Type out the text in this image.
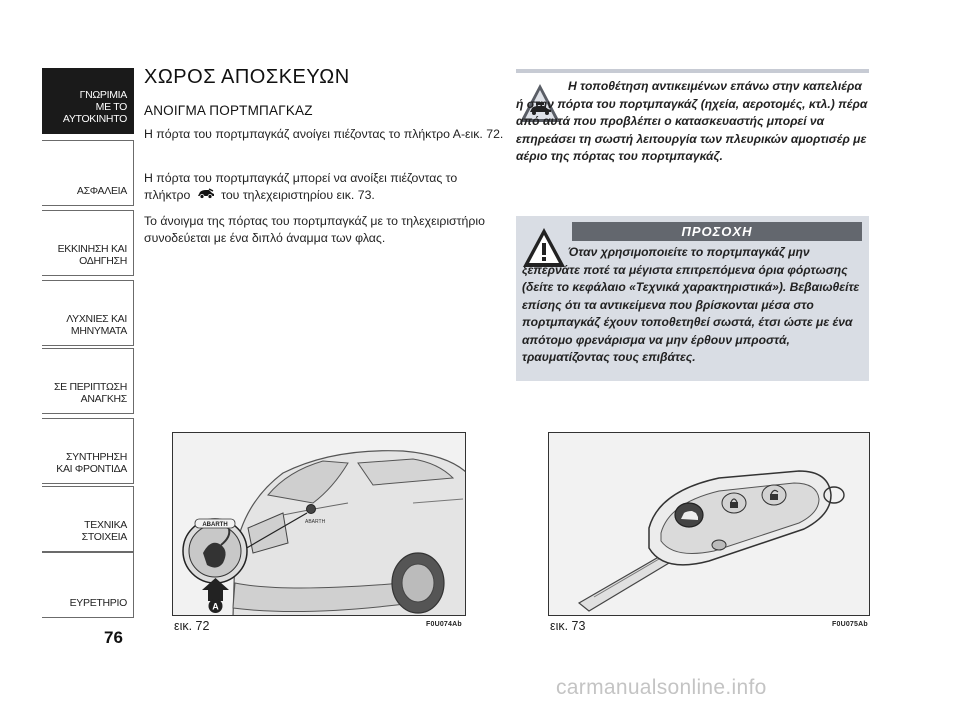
ΓΝΩΡΙΜΙΑ
ΜΕ ΤΟ
ΑΥΤΟΚΙΝΗΤΟ
ΑΣΦΑΛΕΙΑ
ΕΚΚΙΝΗΣΗ ΚΑΙ
ΟΔΗΓΗΣΗ
ΛΥΧΝΙΕΣ ΚΑΙ
ΜΗΝΥΜΑΤΑ
ΣΕ ΠΕΡΙΠΤΩΣΗ
ΑΝΑΓΚΗΣ
ΣΥΝΤΗΡΗΣΗ
ΚΑΙ ΦΡΟΝΤΙΔΑ
ΤΕΧΝΙΚΑ
ΣΤΟΙΧΕΙΑ
ΕΥΡΕΤΗΡΙΟ
76
ΧΩΡΟΣ ΑΠΟΣΚΕΥΩΝ
ΑΝΟΙΓΜΑ ΠΟΡΤΜΠΑΓΚΑΖ
Η πόρτα του πορτμπαγκάζ ανοίγει πιέζοντας το πλήκτρο Α-εικ. 72.
Η πόρτα του πορτμπαγκάζ μπορεί να ανοίξει πιέζοντας το πλήκτρο	του τηλεχειριστηρίου εικ. 73.
Το άνοιγμα της πόρτας του πορτμπαγκάζ με το τηλεχειριστήριο συνοδεύεται με ένα διπλό άναμμα των φλας.
Η τοποθέτηση αντικειμένων επάνω στην καπελιέρα ή στην πόρτα του πορτμπαγκάζ (ηχεία, αεροτομές, κτλ.) πέρα από αυτά που προβλέπει ο κατασκευαστής μπορεί να επηρεάσει τη σωστή λειτουργία των πλευρικών αμορτισέρ με αέριο της πόρτας του πορτμπαγκάζ.
ΠΡΟΣΟΧΗ
Όταν χρησιμοποιείτε το πορτμπαγκάζ μην ξεπερνάτε ποτέ τα μέγιστα επιτρεπόμενα όρια φόρτωσης (δείτε το κεφάλαιο «Τεχνικά χαρακτηριστικά»). Βεβαιωθείτε επίσης ότι τα αντικείμενα που βρίσκονται μέσα στο πορτμπαγκάζ έχουν τοποθετηθεί σωστά, έτσι ώστε με ένα απότομο φρενάρισμα να μην έρθουν μπροστά, τραυματίζοντας τους επιβάτες.
ABARTH
ABARTH
A
εικ. 72	F0U074Ab	εικ. 73	F0U075Ab
carmanualsonline.info
